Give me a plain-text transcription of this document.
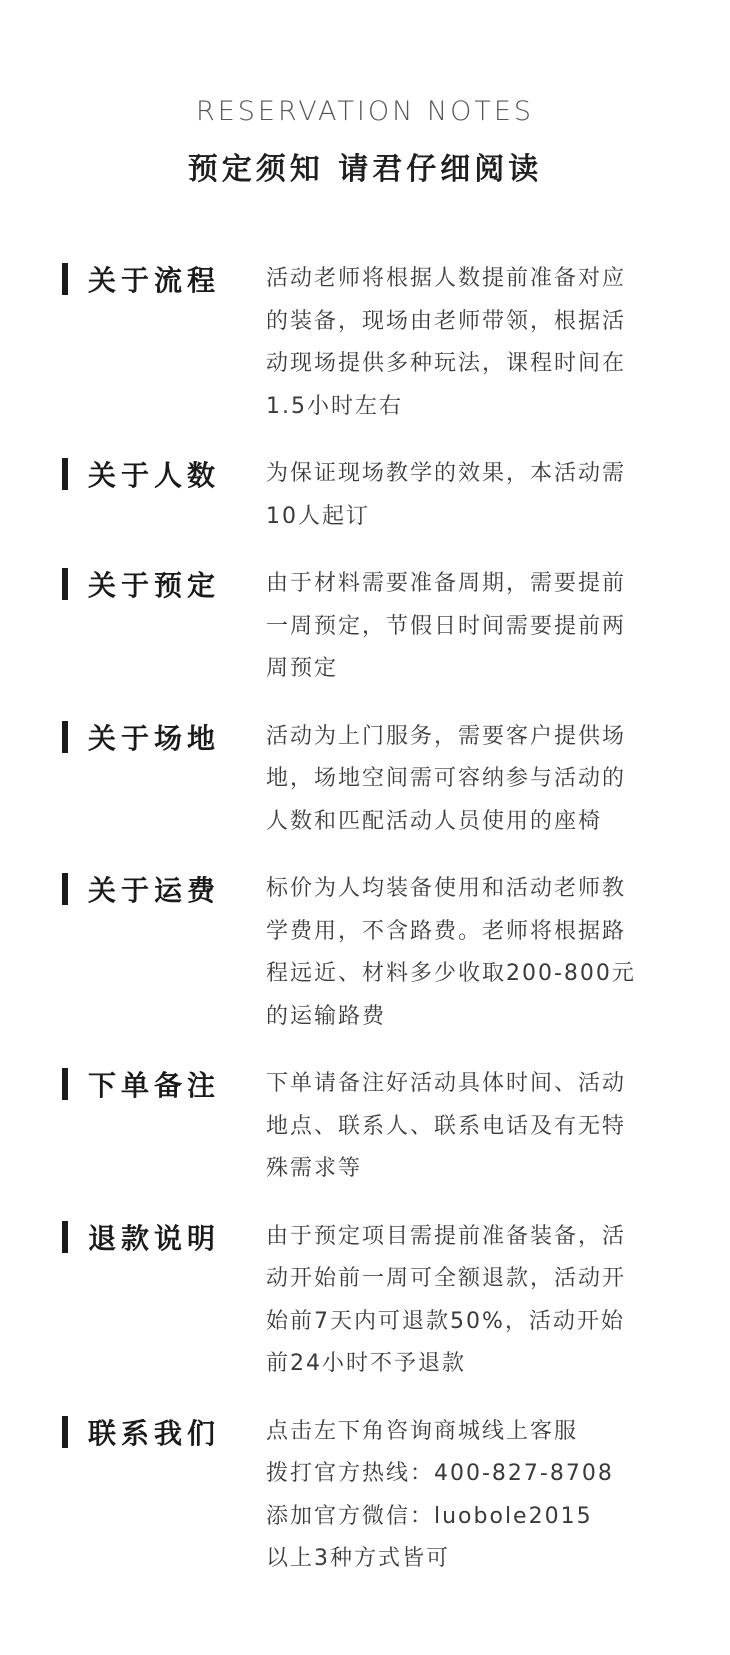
RESERVATION NOTES
预定须知 请君仔细阅读
关于流程 活动老师将根据人数提前准备对应
的装备，现场由老师带领，根据活
动现场提供多种玩法，课程时间在
1.5小时左右
关于人数 为保证现场教学的效果，本活动需
10人起订
关于预定 由于材料需要准备周期，需要提前
一周预定，节假日时间需要提前两
周预定
关于场地 活动为上门服务，需要客户提供场
地，场地空间需可容纳参与活动的
人数和匹配活动人员使用的座椅
关于运费 标价为人均装备使用和活动老师教
学费用，不含路费。老师将根据路
程远近、材料多少收取200-800元
的运输路费
下单备注 下单请备注好活动具体时间、活动
地点、联系人、联系电话及有无特
殊需求等
退款说明 由于预定项目需提前准备装备，活
动开始前一周可全额退款，活动开
始前7天内可退款50%，活动开始
前24小时不予退款
联系我们 点击左下角咨询商城线上客服
拨打官方热线：400-827-8708
添加官方微信：luobole2015
以上3种方式皆可
